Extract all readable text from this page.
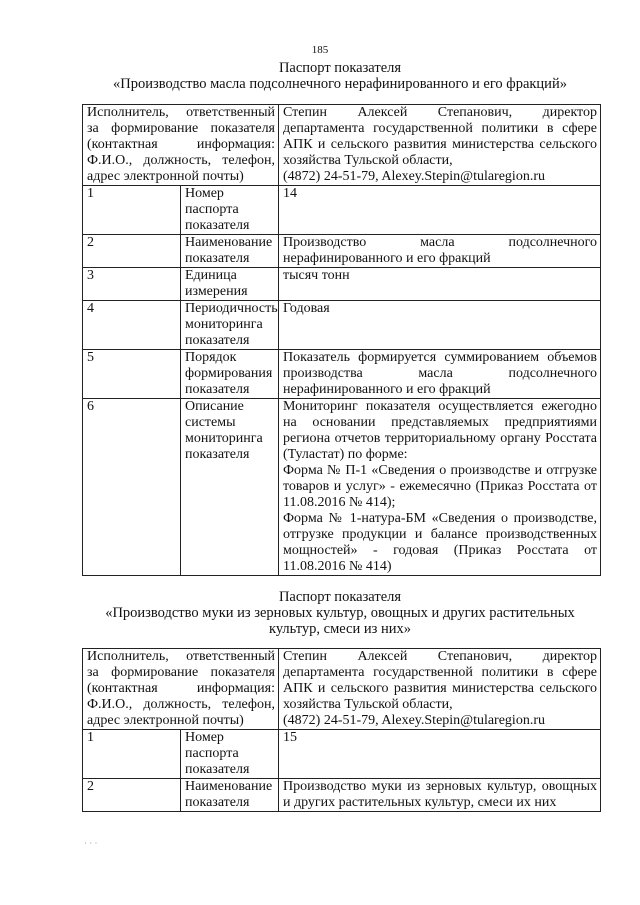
185
Паспорт показателя
«Производство масла подсолнечного нерафинированного и его фракций»
Исполнитель, ответственный за формирование показателя (контактная информация: Ф.И.О., должность, телефон, адрес электронной почты)		Степин Алексей Степанович, директор департамента государственной политики в сфере АПК и сельского развития министерства сельского хозяйства Тульской области,
(4872) 24-51-79, Alexey.Stepin@tularegion.ru
1	Номер паспорта показателя	14
2	Наименование показателя	Производство масла подсолнечного нерафинированного и его фракций
3	Единица измерения	тысяч тонн
4	Периодичность мониторинга показателя	Годовая
5	Порядок формирования показателя	Показатель формируется суммированием объемов производства масла подсолнечного нерафинированного и его фракций
6	Описание системы мониторинга показателя	Мониторинг показателя осуществляется ежегодно на основании представляемых предприятиями региона отчетов территориальному органу Росстата (Туластат) по форме:
Форма № П-1 «Сведения о производстве и отгрузке товаров и услуг» - ежемесячно (Приказ Росстата от 11.08.2016 № 414);
Форма № 1-натура-БМ «Сведения о производстве, отгрузке продукции и балансе производственных мощностей» - годовая (Приказ Росстата от 11.08.2016 № 414)
Паспорт показателя
«Производство муки из зерновых культур, овощных и других растительных
культур, смеси из них»
Исполнитель, ответственный за формирование показателя (контактная информация: Ф.И.О., должность, телефон, адрес электронной почты)		Степин Алексей Степанович, директор департамента государственной политики в сфере АПК и сельского развития министерства сельского хозяйства Тульской области,
(4872) 24-51-79, Alexey.Stepin@tularegion.ru
1	Номер паспорта показателя	15
2	Наименование показателя	Производство муки из зерновых культур, овощных и других растительных культур, смеси их них
· · ·
